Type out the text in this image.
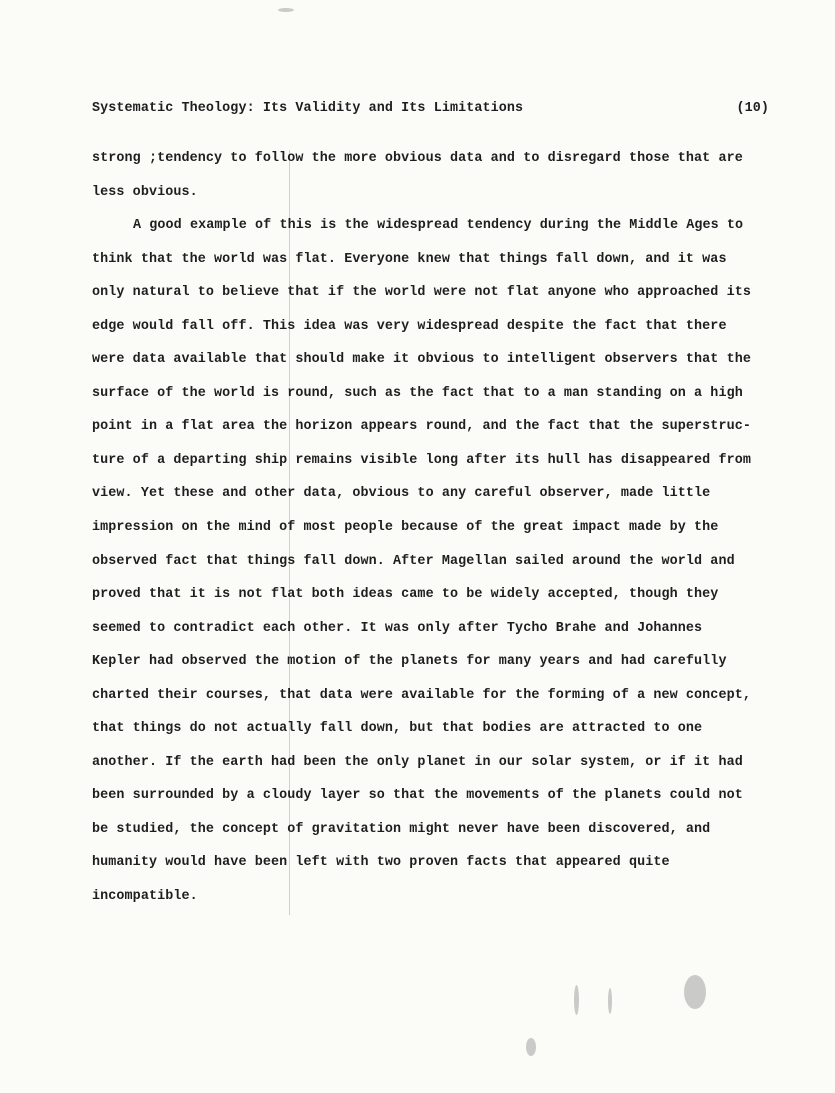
Systematic Theology: Its Validity and Its Limitations	(10)
strong ;tendency to follow the more obvious data and to disregard those that are
less obvious.
A good example of this is the widespread tendency during the Middle Ages to
think that the world was flat. Everyone knew that things fall down, and it was
only natural to believe that if the world were not flat anyone who approached its
edge would fall off. This idea was very widespread despite the fact that there
were data available that should make it obvious to intelligent observers that the
surface of the world is round, such as the fact that to a man standing on a high
point in a flat area the horizon appears round, and the fact that the superstruc-
ture of a departing ship remains visible long after its hull has disappeared from
view. Yet these and other data, obvious to any careful observer, made little
impression on the mind of most people because of the great impact made by the
observed fact that things fall down. After Magellan sailed around the world and
proved that it is not flat both ideas came to be widely accepted, though they
seemed to contradict each other. It was only after Tycho Brahe and Johannes
Kepler had observed the motion of the planets for many years and had carefully
charted their courses, that data were available for the forming of a new concept,
that things do not actually fall down, but that bodies are attracted to one
another. If the earth had been the only planet in our solar system, or if it had
been surrounded by a cloudy layer so that the movements of the planets could not
be studied, the concept of gravitation might never have been discovered, and
humanity would have been left with two proven facts that appeared quite
incompatible.
